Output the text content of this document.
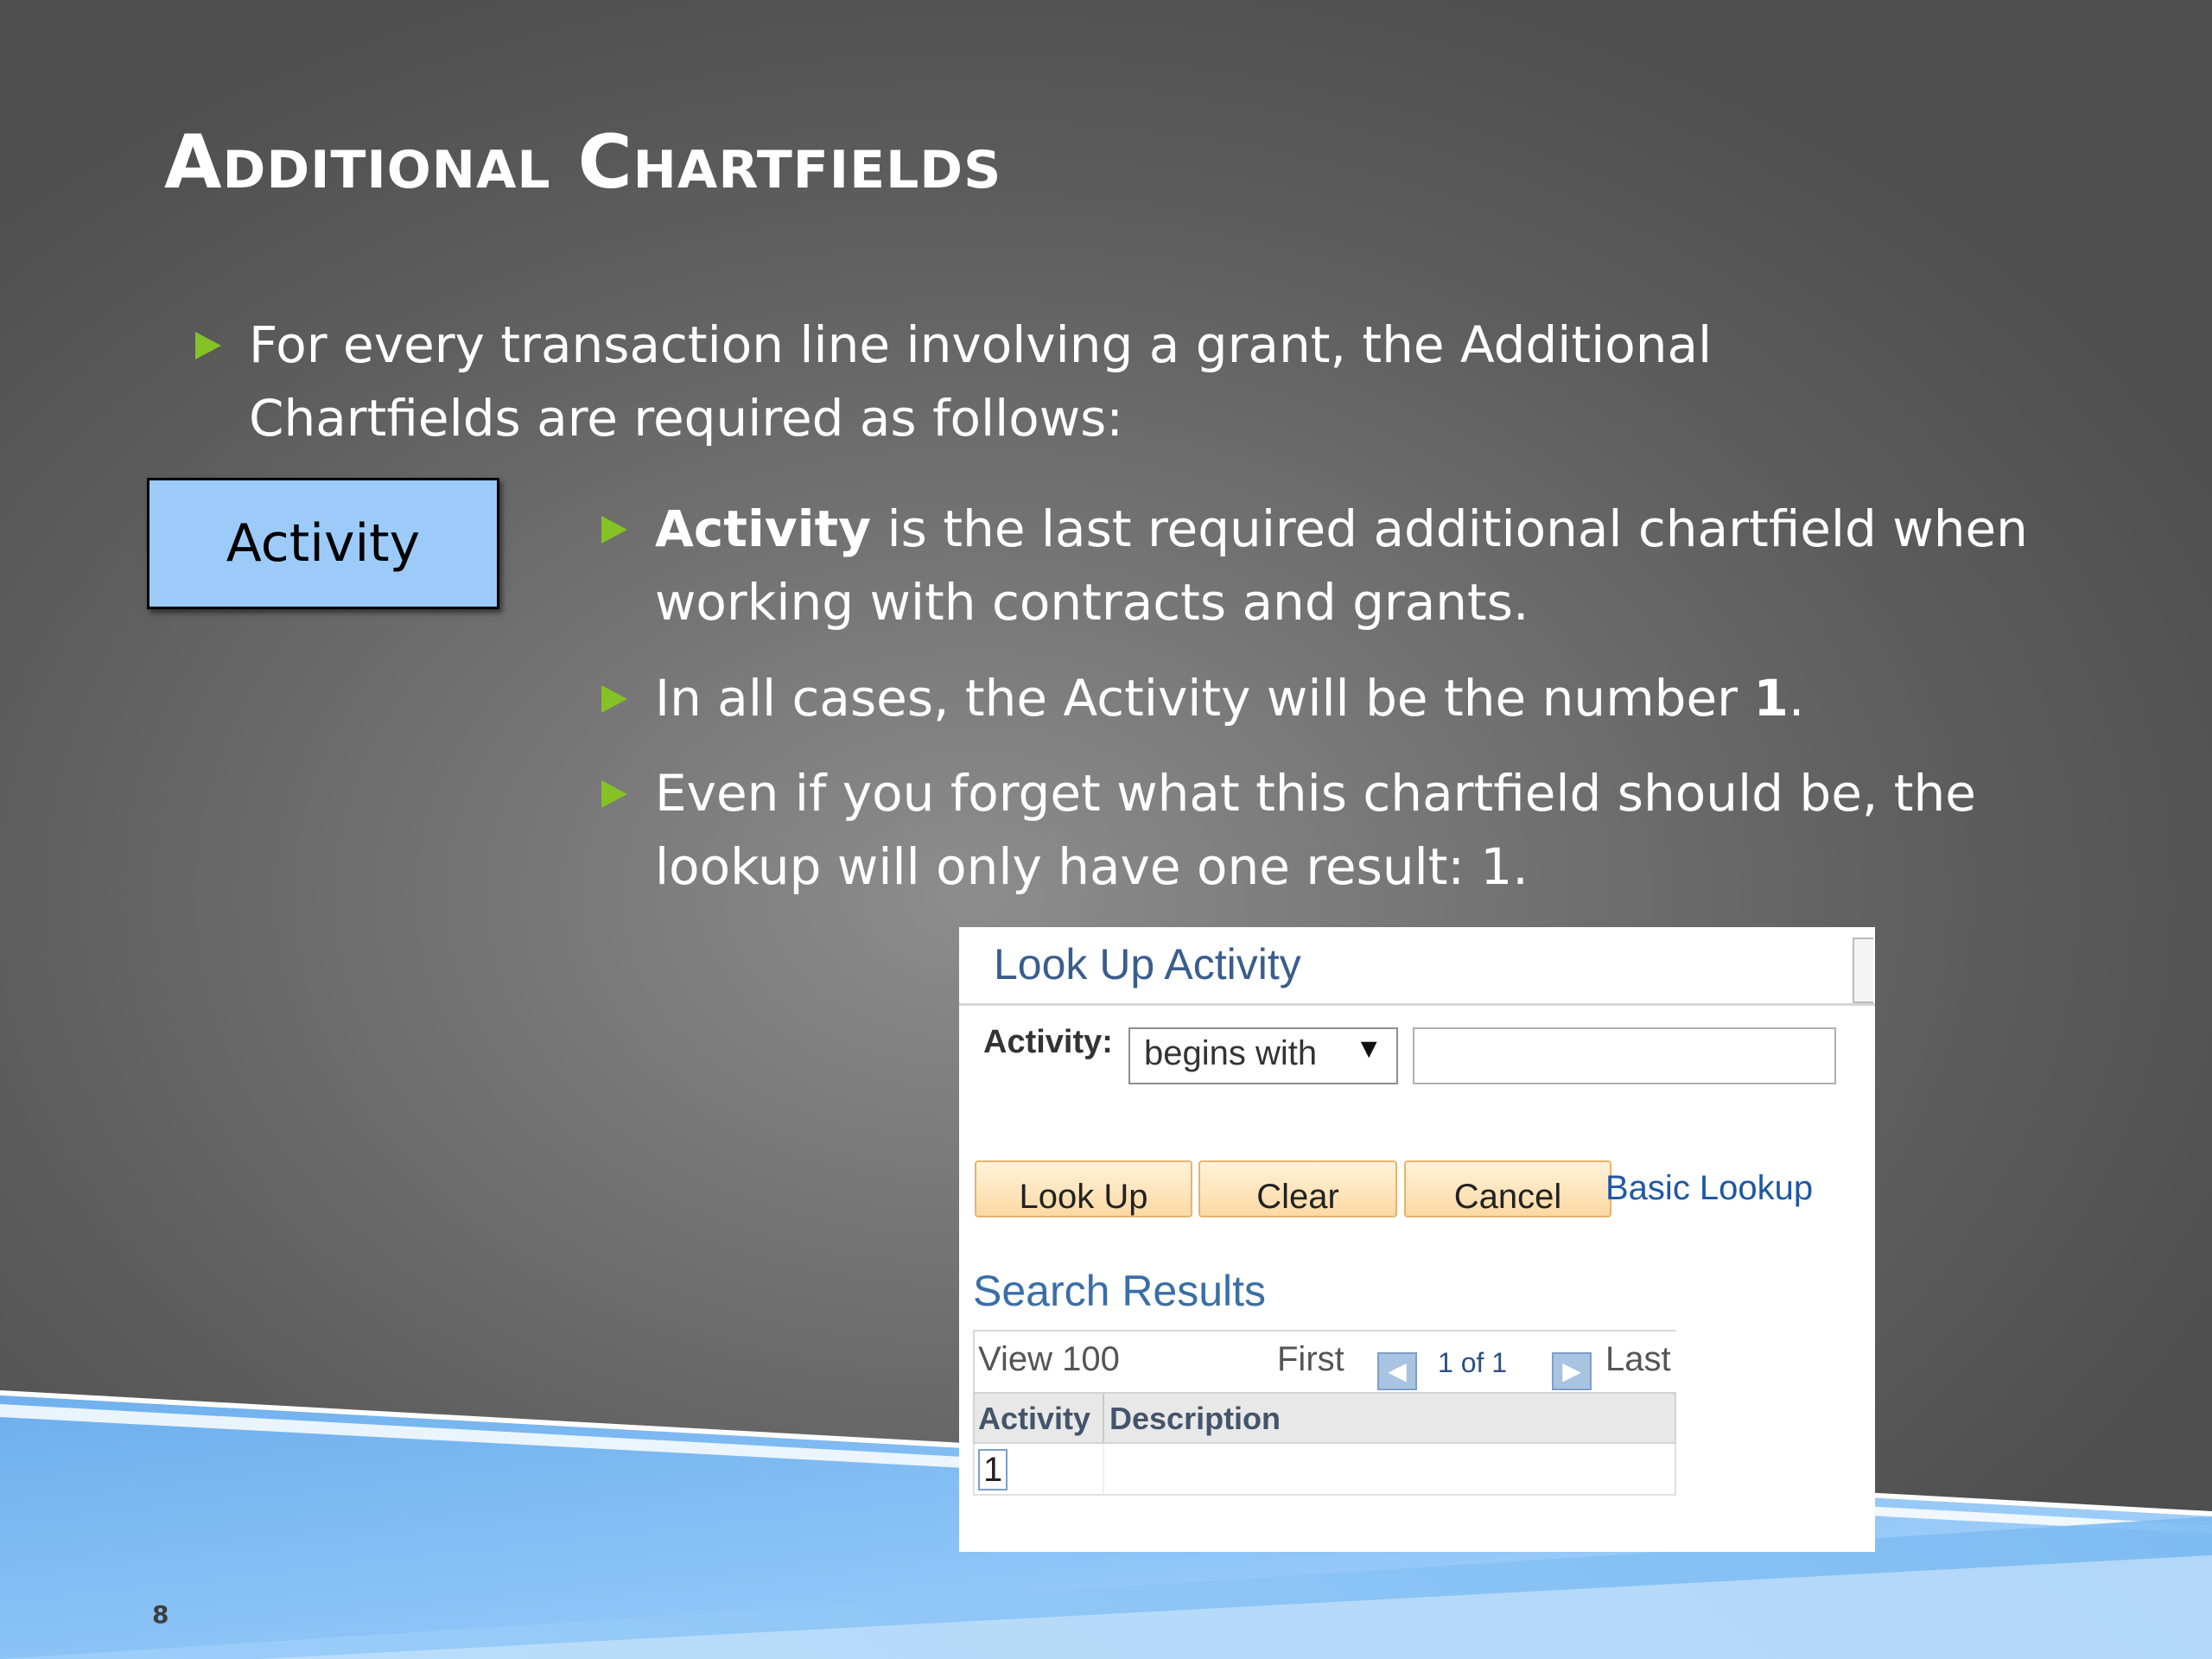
Additional Chartfields
For every transaction line involving a grant, the Additional Chartfields are required as follows:
Activity	Activity is the last required additional chartfield when working with contracts and grants.
In all cases, the Activity will be the number 1.
Even if you forget what this chartfield should be, the lookup will only have one result: 1.
Look Up Activity
Activity: begins with ▼
Look Up	Clear	Cancel	Basic Lookup
Search Results
View 100	First	◀	1 of 1	▶ Last
Activity Description
1
8
